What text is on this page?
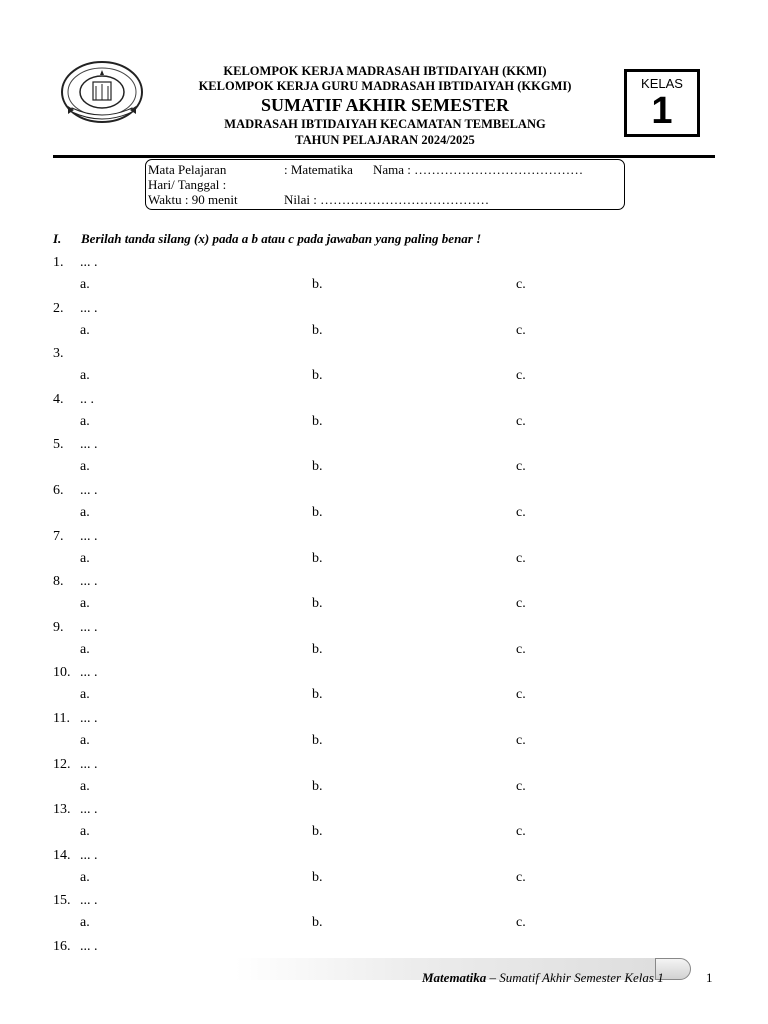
KELOMPOK KERJA MADRASAH IBTIDAIYAH (KKMI)
KELOMPOK KERJA GURU MADRASAH IBTIDAIYAH (KKGMI)
SUMATIF AKHIR SEMESTER
MADRASAH IBTIDAIYAH KECAMATAN TEMBELANG
TAHUN PELAJARAN 2024/2025
KELAS
1
Mata Pelajaran	: Matematika Nama : …………………………………
Hari/ Tanggal :
Waktu : 90 menit	Nilai : …………………………………
I. Berilah tanda silang (x) pada a b atau c pada jawaban yang paling benar !
1. ... .
a.	b.	c.
2. ... .
a.	b.	c.
3.
a.	b.	c.
4. .. .
a.	b.	c.
5. ... .
a.	b.	c.
6. ... .
a.	b.	c.
7. ... .
a.	b.	c.
8. ... .
a.	b.	c.
9. ... .
a.	b.	c.
10. ... .
a.	b.	c.
11. ... .
a.	b.	c.
12. ... .
a.	b.	c.
13. ... .
a.	b.	c.
14. ... .
a.	b.	c.
15. ... .
a.	b.	c.
16. ... .
Matematika – Sumatif Akhir Semester Kelas 1	1
